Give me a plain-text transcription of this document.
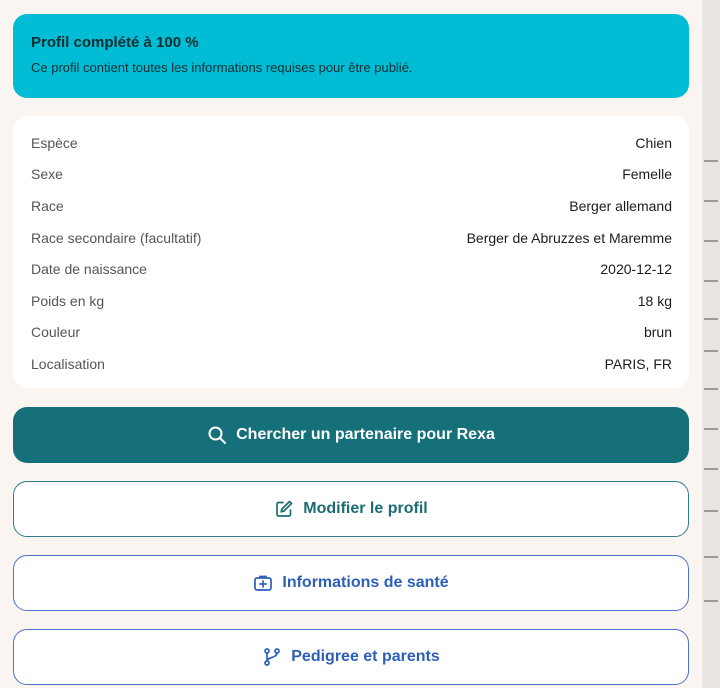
Profil complété à 100 %
Ce profil contient toutes les informations requises pour être publié.
Espèce	Chien
Sexe	Femelle
Race	Berger allemand
Race secondaire (facultatif)	Berger de Abruzzes et Maremme
Date de naissance	2020-12-12
Poids en kg	18 kg
Couleur	brun
Localisation	PARIS, FR
Chercher un partenaire pour Rexa
Modifier le profil
Informations de santé
Pedigree et parents
